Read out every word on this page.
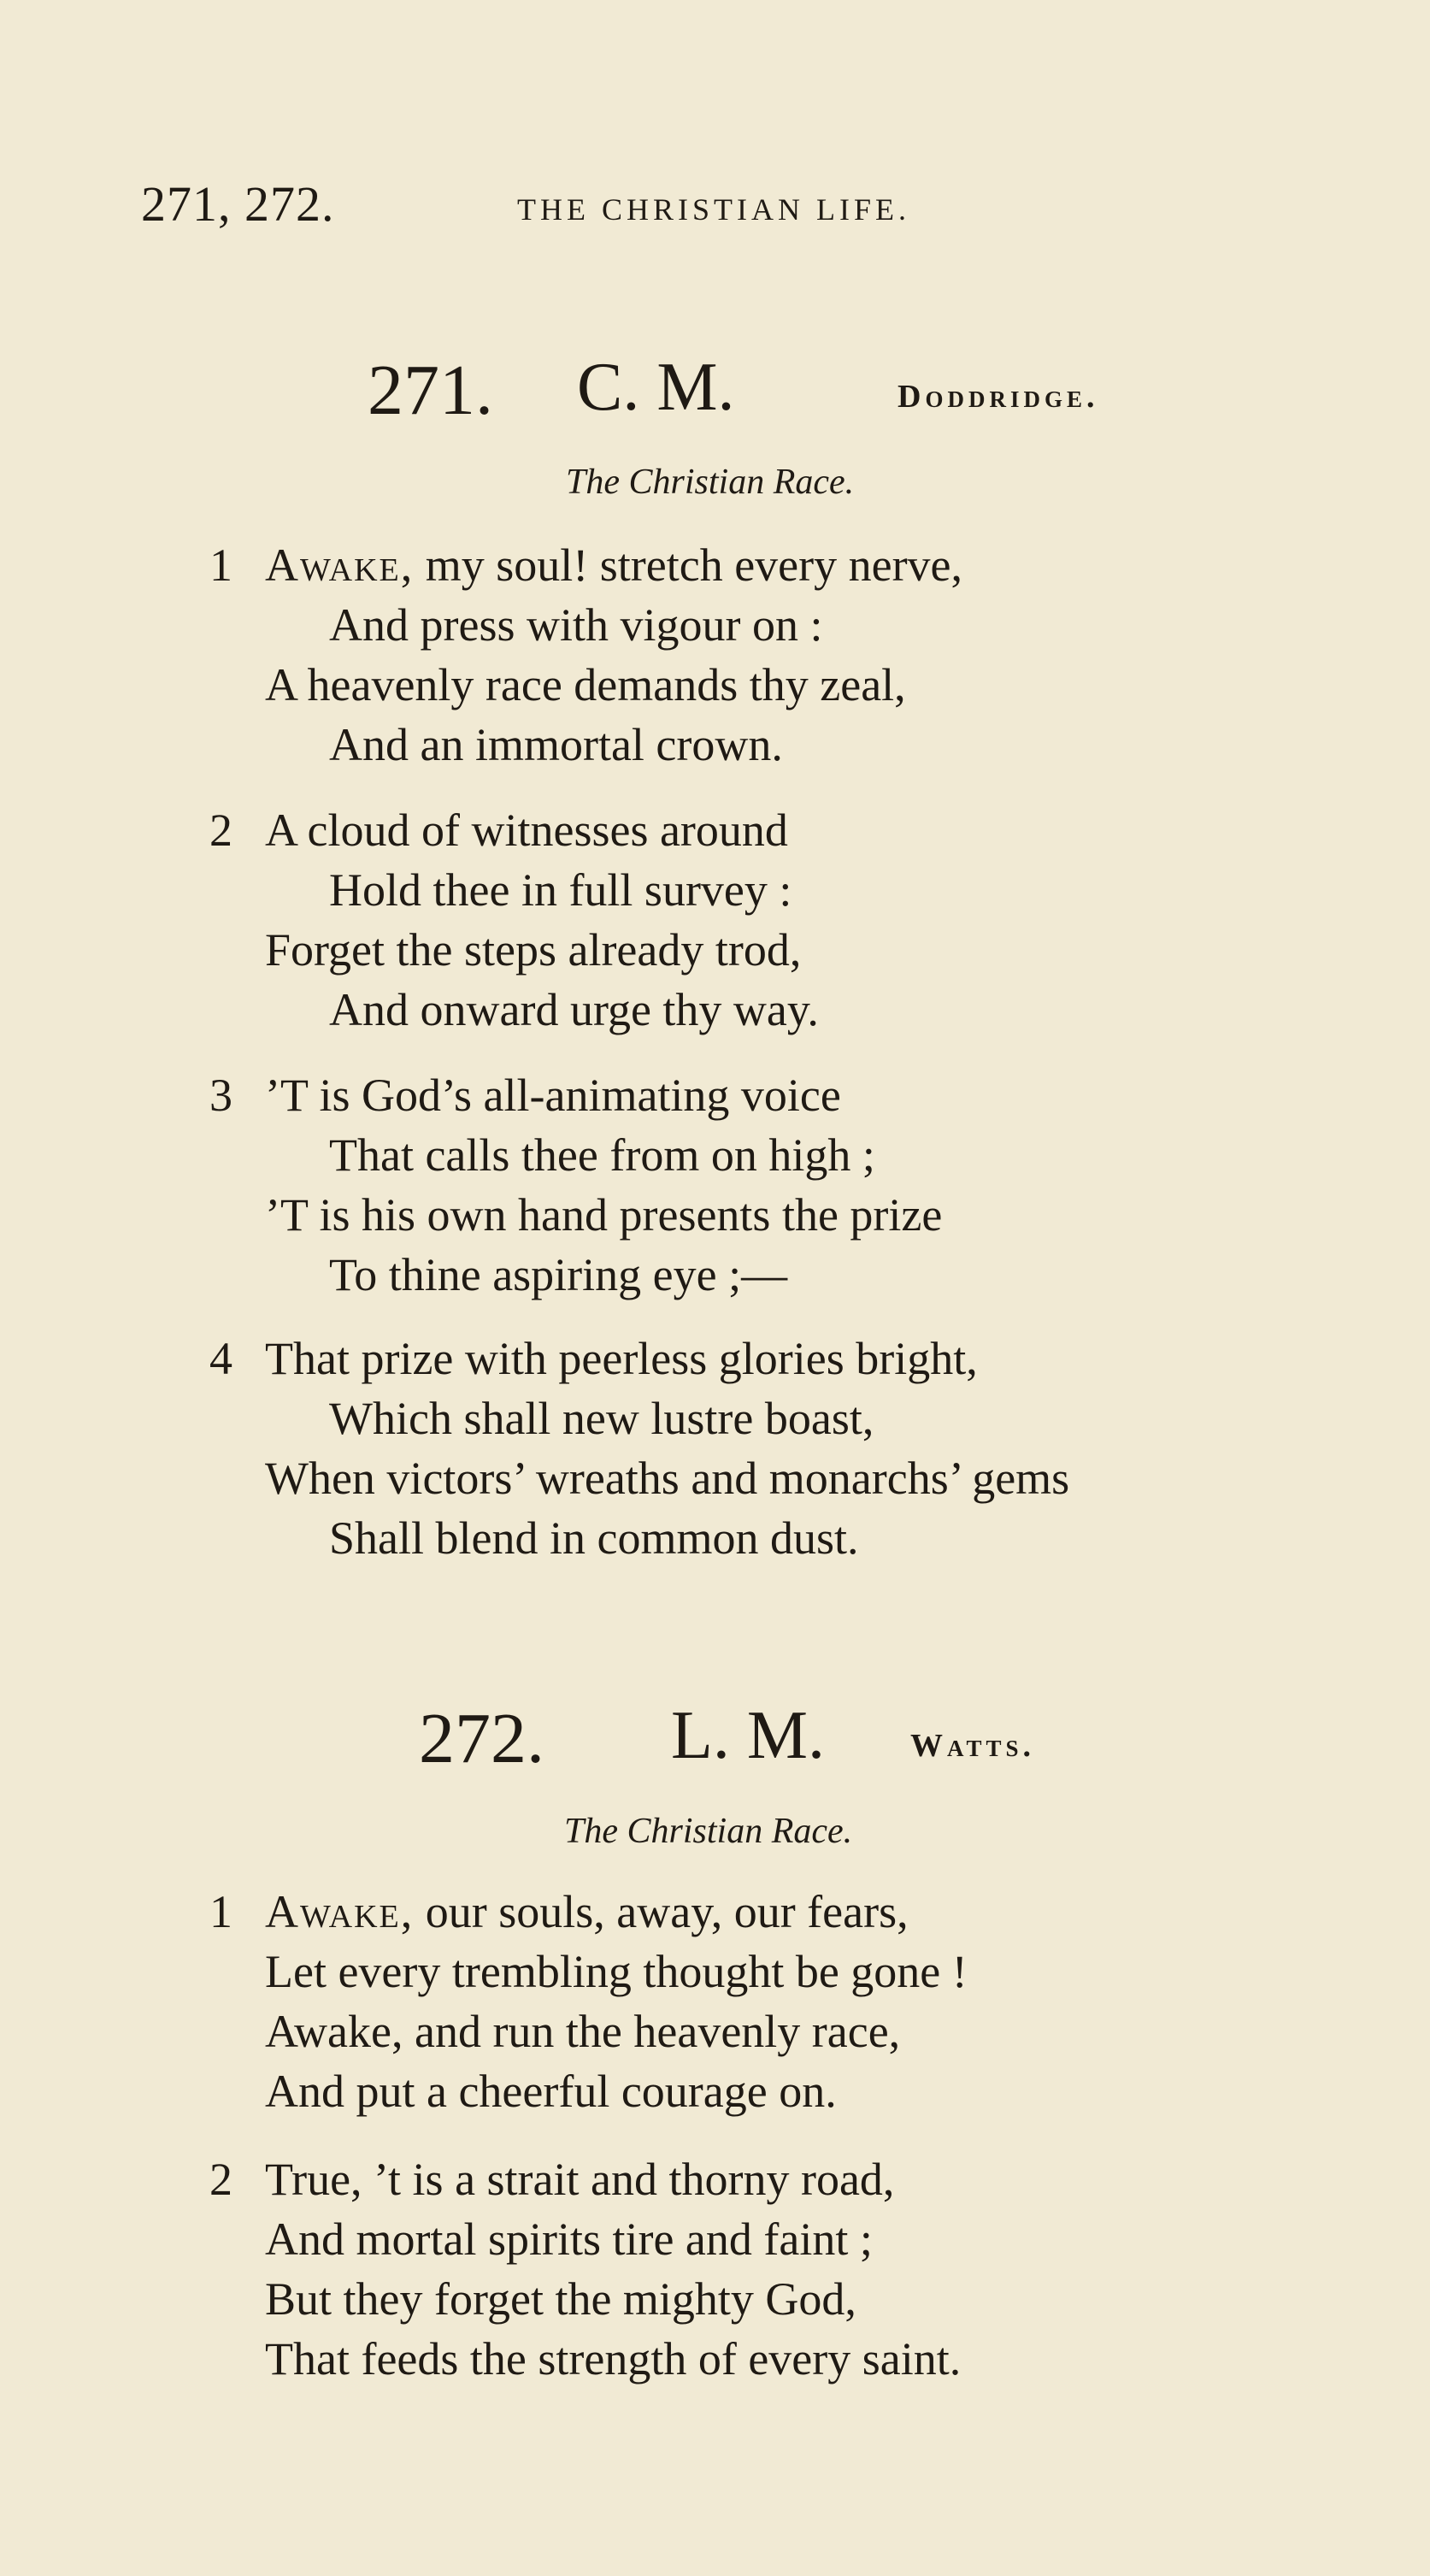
271, 272.	THE CHRISTIAN LIFE.
271. C. M.	Doddridge.
The Christian Race.
1 Awake, my soul! stretch every nerve,
And press with vigour on :
A heavenly race demands thy zeal,
And an immortal crown.
2 A cloud of witnesses around
Hold thee in full survey :
Forget the steps already trod,
And onward urge thy way.
3 ’T is God’s all-animating voice
That calls thee from on high ;
’T is his own hand presents the prize
To thine aspiring eye ;—
4 That prize with peerless glories bright,
Which shall new lustre boast,
When victors’ wreaths and monarchs’ gems
Shall blend in common dust.
272. L. M.	Watts.
The Christian Race.
1 Awake, our souls, away, our fears,
Let every trembling thought be gone !
Awake, and run the heavenly race,
And put a cheerful courage on.
2 True, ’t is a strait and thorny road,
And mortal spirits tire and faint ;
But they forget the mighty God,
That feeds the strength of every saint.
